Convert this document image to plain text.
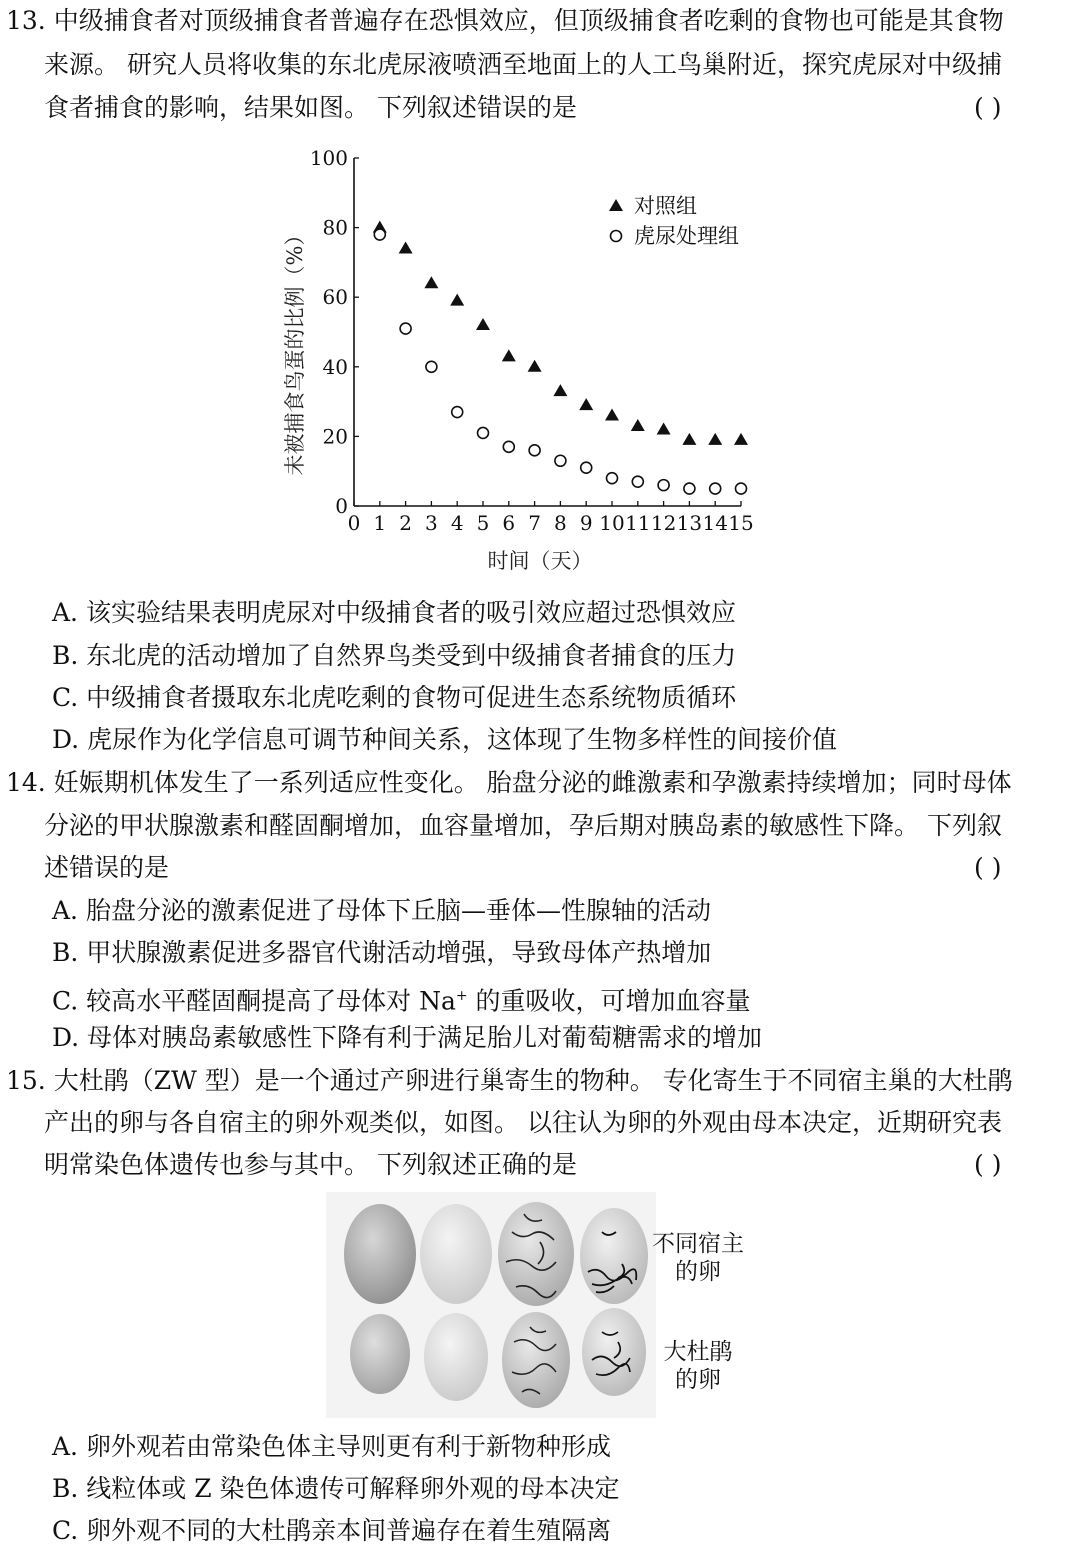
13. 中级捕食者对顶级捕食者普遍存在恐惧效应，但顶级捕食者吃剩的食物也可能是其食物
来源。 研究人员将收集的东北虎尿液喷洒至地面上的人工鸟巢附近，探究虎尿对中级捕
食者捕食的影响，结果如图。 下列叙述错误的是	( )
0 1 2 3 4 5 6 7 8 9 10 11 12 13 14 15
0
20
40
60
80
100
对照组
虎尿处理组
未被捕食鸟蛋的比例（%）
时间（天）
A. 该实验结果表明虎尿对中级捕食者的吸引效应超过恐惧效应
B. 东北虎的活动增加了自然界鸟类受到中级捕食者捕食的压力
C. 中级捕食者摄取东北虎吃剩的食物可促进生态系统物质循环
D. 虎尿作为化学信息可调节种间关系，这体现了生物多样性的间接价值
14. 妊娠期机体发生了一系列适应性变化。 胎盘分泌的雌激素和孕激素持续增加；同时母体
分泌的甲状腺激素和醛固酮增加，血容量增加，孕后期对胰岛素的敏感性下降。 下列叙
述错误的是	( )
A. 胎盘分泌的激素促进了母体下丘脑—垂体—性腺轴的活动
B. 甲状腺激素促进多器官代谢活动增强，导致母体产热增加
C. 较高水平醛固酮提高了母体对 Na+ 的重吸收，可增加血容量
D. 母体对胰岛素敏感性下降有利于满足胎儿对葡萄糖需求的增加
15. 大杜鹃（ZW 型）是一个通过产卵进行巢寄生的物种。 专化寄生于不同宿主巢的大杜鹃
产出的卵与各自宿主的卵外观类似，如图。 以往认为卵的外观由母本决定，近期研究表
明常染色体遗传也参与其中。 下列叙述正确的是	( )
不同宿主
的卵
大杜鹃
的卵
A. 卵外观若由常染色体主导则更有利于新物种形成
B. 线粒体或 Z 染色体遗传可解释卵外观的母本决定
C. 卵外观不同的大杜鹃亲本间普遍存在着生殖隔离
